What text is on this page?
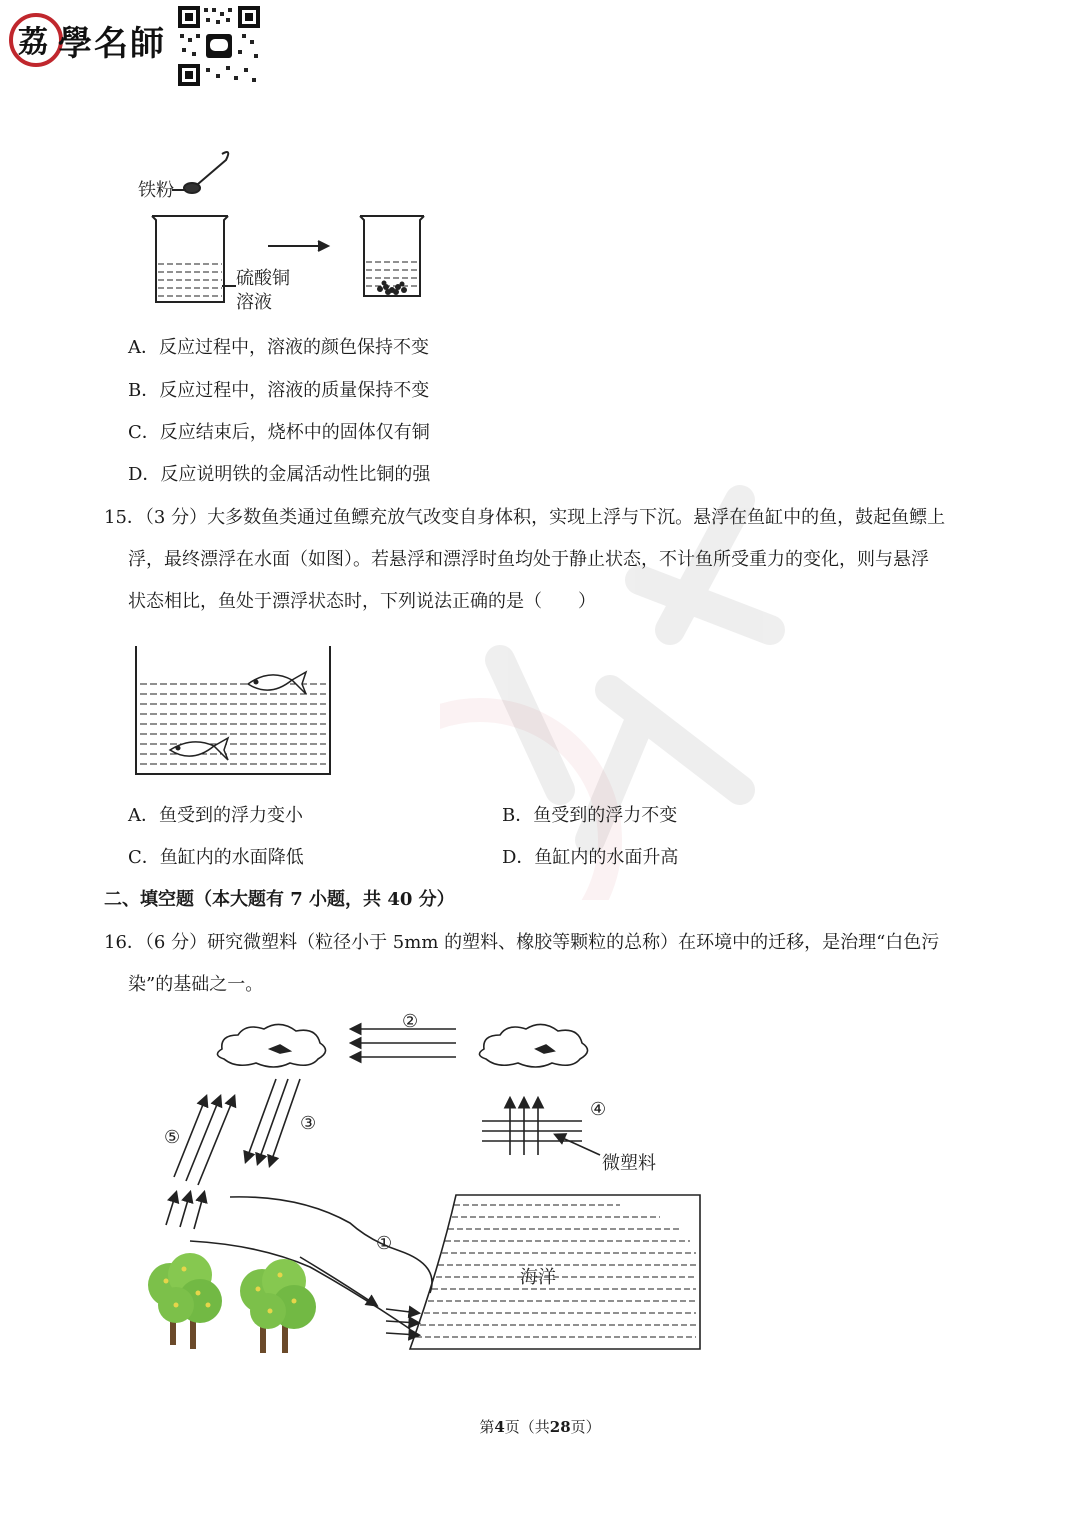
荔 學名師
铁粉
硫酸铜
溶液
A．反应过程中，溶液的颜色保持不变
B．反应过程中，溶液的质量保持不变
C．反应结束后，烧杯中的固体仅有铜
D．反应说明铁的金属活动性比铜的强
15．（3 分）大多数鱼类通过鱼鳔充放气改变自身体积，实现上浮与下沉。悬浮在鱼缸中的鱼，鼓起鱼鳔上
浮，最终漂浮在水面（如图）。若悬浮和漂浮时鱼均处于静止状态，不计鱼所受重力的变化，则与悬浮
状态相比，鱼处于漂浮状态时，下列说法正确的是（　　）
A．鱼受到的浮力变小	B．鱼受到的浮力不变
C．鱼缸内的水面降低	D．鱼缸内的水面升高
二、填空题（本大题有 7 小题，共 40 分）
16．（6 分）研究微塑料（粒径小于 5mm 的塑料、橡胶等颗粒的总称）在环境中的迁移，是治理“白色污
染”的基础之一。
②
⑤
③
④
①
微塑料
海洋
第4页（共28页）
